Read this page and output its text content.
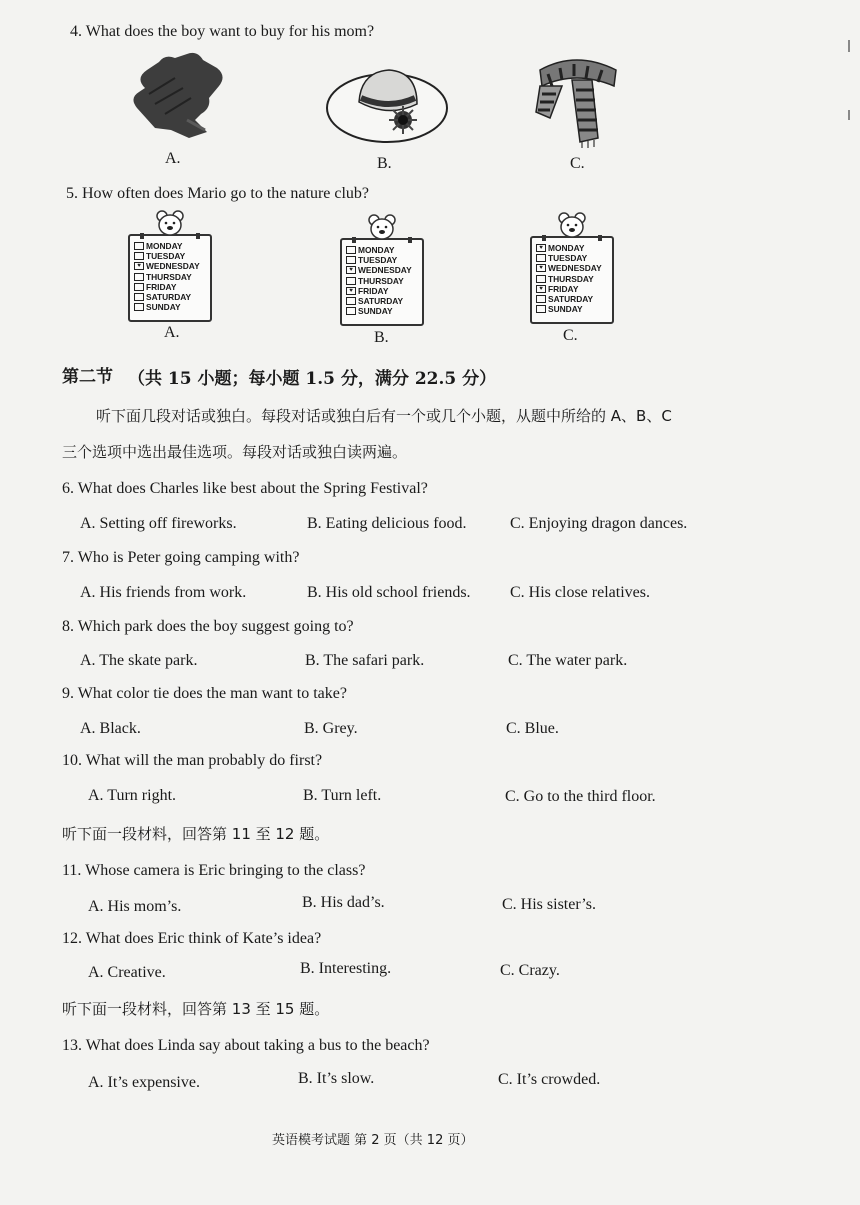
4. What does the boy want to buy for his mom?
A.	B.	C.
5. How often does Mario go to the nature club?
MONDAY
TUESDAY
♥ WEDNESDAY
THURSDAY
FRIDAY
SATURDAY
SUNDAY
MONDAY
TUESDAY
♥ WEDNESDAY
THURSDAY
♥ FRIDAY
SATURDAY
SUNDAY
♥ MONDAY
TUESDAY
♥ WEDNESDAY
THURSDAY
♥ FRIDAY
SATURDAY
SUNDAY
A.	B.	C.
第二节 （共 15 小题；每小题 1.5 分，满分 22.5 分）
听下面几段对话或独白。每段对话或独白后有一个或几个小题，从题中所给的 A、B、C
三个选项中选出最佳选项。每段对话或独白读两遍。
6. What does Charles like best about the Spring Festival?
A. Setting off fireworks.	B. Eating delicious food.	C. Enjoying dragon dances.
7. Who is Peter going camping with?
A. His friends from work.	B. His old school friends. C. His close relatives.
8. Which park does the boy suggest going to?
A. The skate park.	B. The safari park.	C. The water park.
9. What color tie does the man want to take?
A. Black.	B. Grey.	C. Blue.
10. What will the man probably do first?
A. Turn right.	B. Turn left.	C. Go to the third floor.
听下面一段材料，回答第 11 至 12 题。
11. Whose camera is Eric bringing to the class?
A. His mom’s.	B. His dad’s.	C. His sister’s.
12. What does Eric think of Kate’s idea?
A. Creative.	B. Interesting.	C. Crazy.
听下面一段材料，回答第 13 至 15 题。
13. What does Linda say about taking a bus to the beach?
A. It’s expensive.	B. It’s slow.	C. It’s crowded.
英语模考试题 第 2 页（共 12 页）
